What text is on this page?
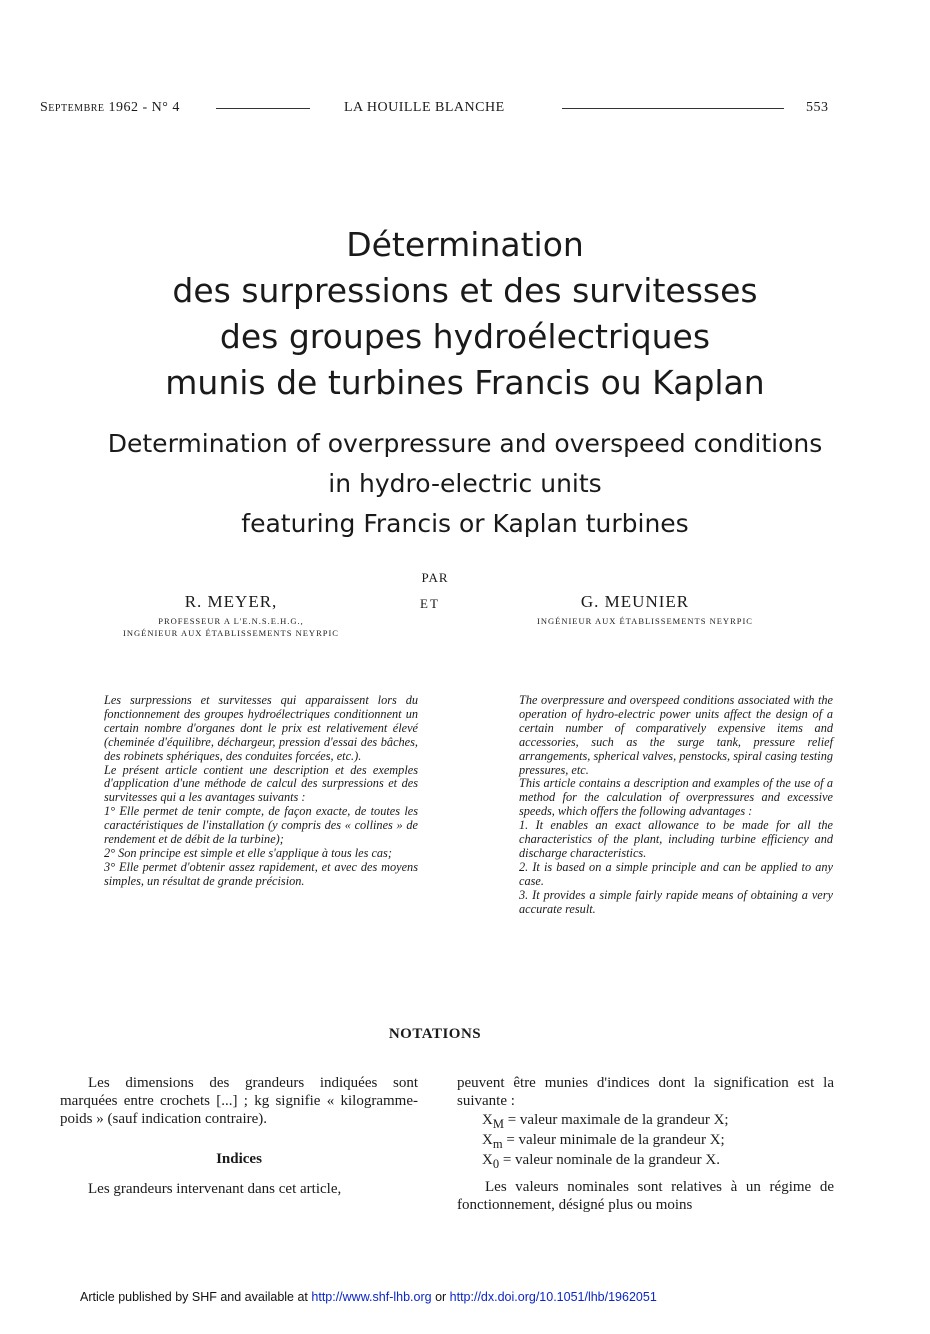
Septembre 1962 - N° 4	LA HOUILLE BLANCHE	553
Détermination
des surpressions et des survitesses
des groupes hydroélectriques
munis de turbines Francis ou Kaplan
Determination of overpressure and overspeed conditions
in hydro-electric units
featuring Francis or Kaplan turbines
PAR
R. MEYER,	ET	G. MEUNIER
PROFESSEUR A L'E.N.S.E.H.G.,
INGÉNIEUR AUX ÉTABLISSEMENTS NEYRPIC
INGÉNIEUR AUX ÉTABLISSEMENTS NEYRPIC

Les surpressions et survitesses qui apparaissent lors du fonctionnement des groupes hydroélectriques conditionnent un certain nombre d'organes dont le prix est relativement élevé (cheminée d'équilibre, déchargeur, pression d'essai des bâches, des robinets sphériques, des conduites forcées, etc.).

Le présent article contient une description et des exemples d'application d'une méthode de calcul des surpressions et des survitesses qui a les avantages suivants :

1° Elle permet de tenir compte, de façon exacte, de toutes les caractéristiques de l'installation (y compris des « collines » de rendement et de débit de la turbine);

2° Son principe est simple et elle s'applique à tous les cas;

3° Elle permet d'obtenir assez rapidement, et avec des moyens simples, un résultat de grande précision.

The overpressure and overspeed conditions associated with the operation of hydro-electric power units affect the design of a certain number of comparatively expensive items and accessories, such as the surge tank, pressure relief arrangements, spherical valves, penstocks, spiral casing testing pressures, etc.

This article contains a description and examples of the use of a method for the calculation of overpressures and excessive speeds, which offers the following advantages :

1. It enables an exact allowance to be made for all the characteristics of the plant, including turbine efficiency and discharge characteristics.

2. It is based on a simple principle and can be applied to any case.

3. It provides a simple fairly rapide means of obtaining a very accurate result.

NOTATIONS

Les dimensions des grandeurs indiquées sont marquées entre crochets [...] ; kg signifie « kilogramme-poids » (sauf indication contraire).

Indices

Les grandeurs intervenant dans cet article,

peuvent être munies d'indices dont la signification est la suivante :

$X_M$ = valeur maximale de la grandeur X;
$X_m$ = valeur minimale de la grandeur X;
$X_0$ = valeur nominale de la grandeur X.

Les valeurs nominales sont relatives à un régime de fonctionnement, désigné plus ou moins

Article published by SHF and available at http://www.shf-lhb.org or http://dx.doi.org/10.1051/lhb/1962051
